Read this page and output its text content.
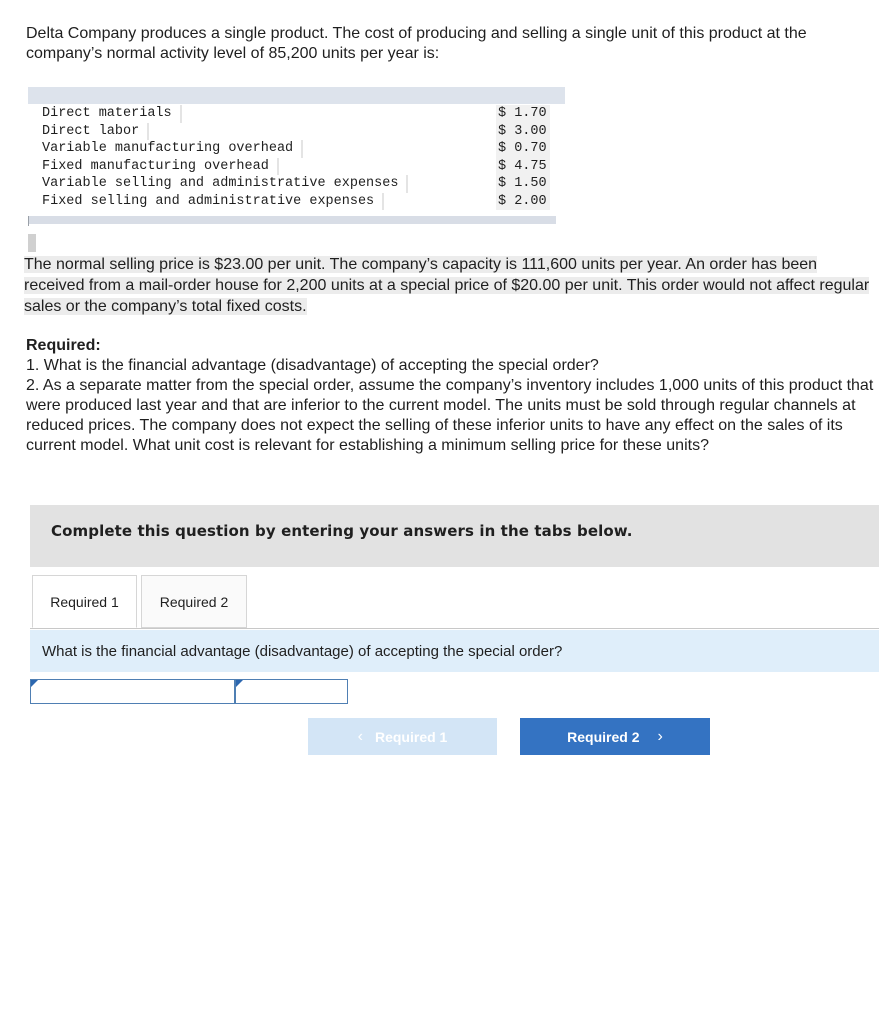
Delta Company produces a single product. The cost of producing and selling a single unit of this product at the company’s normal activity level of 85,200 units per year is:

Direct materials	$ 1.70
Direct labor	$ 3.00
Variable manufacturing overhead	$ 0.70
Fixed manufacturing overhead	$ 4.75
Variable selling and administrative expenses	$ 1.50
Fixed selling and administrative expenses	$ 2.00

The normal selling price is $23.00 per unit. The company’s capacity is 111,600 units per year. An order has been received from a mail-order house for 2,200 units at a special price of $20.00 per unit. This order would not affect regular sales or the company’s total fixed costs.

Required:
1. What is the financial advantage (disadvantage) of accepting the special order?
2. As a separate matter from the special order, assume the company’s inventory includes 1,000 units of this product that were produced last year and that are inferior to the current model. The units must be sold through regular channels at reduced prices. The company does not expect the selling of these inferior units to have any effect on the sales of its current model. What unit cost is relevant for establishing a minimum selling price for these units?
Complete this question by entering your answers in the tabs below.
Required 1	Required 2
What is the financial advantage (disadvantage) of accepting the special order?
‹ Required 1	Required 2 ›
